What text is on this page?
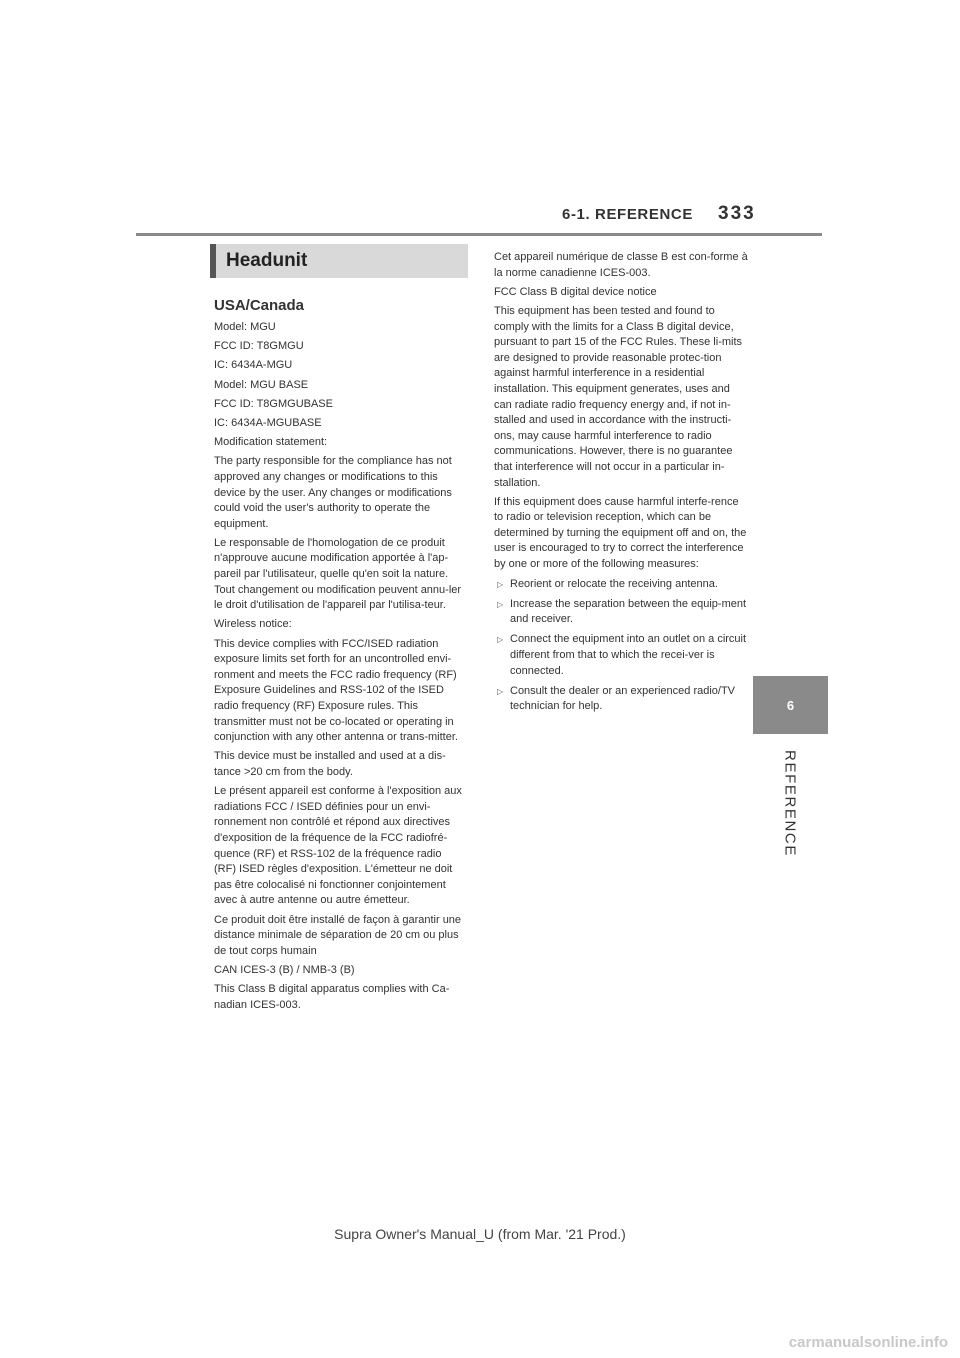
6-1. REFERENCE 333
6
REFERENCE
Headunit
USA/Canada

Model: MGU

FCC ID: T8GMGU

IC: 6434A-MGU

Model: MGU BASE

FCC ID: T8GMGUBASE

IC: 6434A-MGUBASE

Modification statement:

The party responsible for the compliance has not approved any changes or modifications to this device by the user. Any changes or modifications could void the user's authority to operate the equipment.

Le responsable de l'homologation de ce produit n'approuve aucune modification apportée à l'ap-pareil par l'utilisateur, quelle qu'en soit la nature. Tout changement ou modification peuvent annu-ler le droit d'utilisation de l'appareil par l'utilisa-teur.

Wireless notice:

This device complies with FCC/ISED radiation exposure limits set forth for an uncontrolled envi-ronment and meets the FCC radio frequency (RF) Exposure Guidelines and RSS-102 of the ISED radio frequency (RF) Exposure rules. This transmitter must not be co-located or operating in conjunction with any other antenna or trans-mitter.

This device must be installed and used at a dis-tance >20 cm from the body.

Le présent appareil est conforme à l'exposition aux radiations FCC / ISED définies pour un envi-ronnement non contrôlé et répond aux directives d'exposition de la fréquence de la FCC radiofré-quence (RF) et RSS-102 de la fréquence radio (RF) ISED règles d'exposition. L'émetteur ne doit pas être colocalisé ni fonctionner conjointement avec à autre antenne ou autre émetteur.

Ce produit doit être installé de façon à garantir une distance minimale de séparation de 20 cm ou plus de tout corps humain

CAN ICES-3 (B) / NMB-3 (B)

This Class B digital apparatus complies with Ca-nadian ICES-003.

Cet appareil numérique de classe B est con-forme à la norme canadienne ICES-003.

FCC Class B digital device notice

This equipment has been tested and found to comply with the limits for a Class B digital device, pursuant to part 15 of the FCC Rules. These li-mits are designed to provide reasonable protec-tion against harmful interference in a residential installation. This equipment generates, uses and can radiate radio frequency energy and, if not in-stalled and used in accordance with the instructi-ons, may cause harmful interference to radio communications. However, there is no guarantee that interference will not occur in a particular in-stallation.

If this equipment does cause harmful interfe-rence to radio or television reception, which can be determined by turning the equipment off and on, the user is encouraged to try to correct the interference by one or more of the following measures:

▷ Reorient or relocate the receiving antenna.
▷ Increase the separation between the equip-ment and receiver.
▷ Connect the equipment into an outlet on a circuit different from that to which the recei-ver is connected.
▷ Consult the dealer or an experienced radio/TV technician for help.
Supra Owner's Manual_U (from Mar. '21 Prod.)
carmanualsonline.info
